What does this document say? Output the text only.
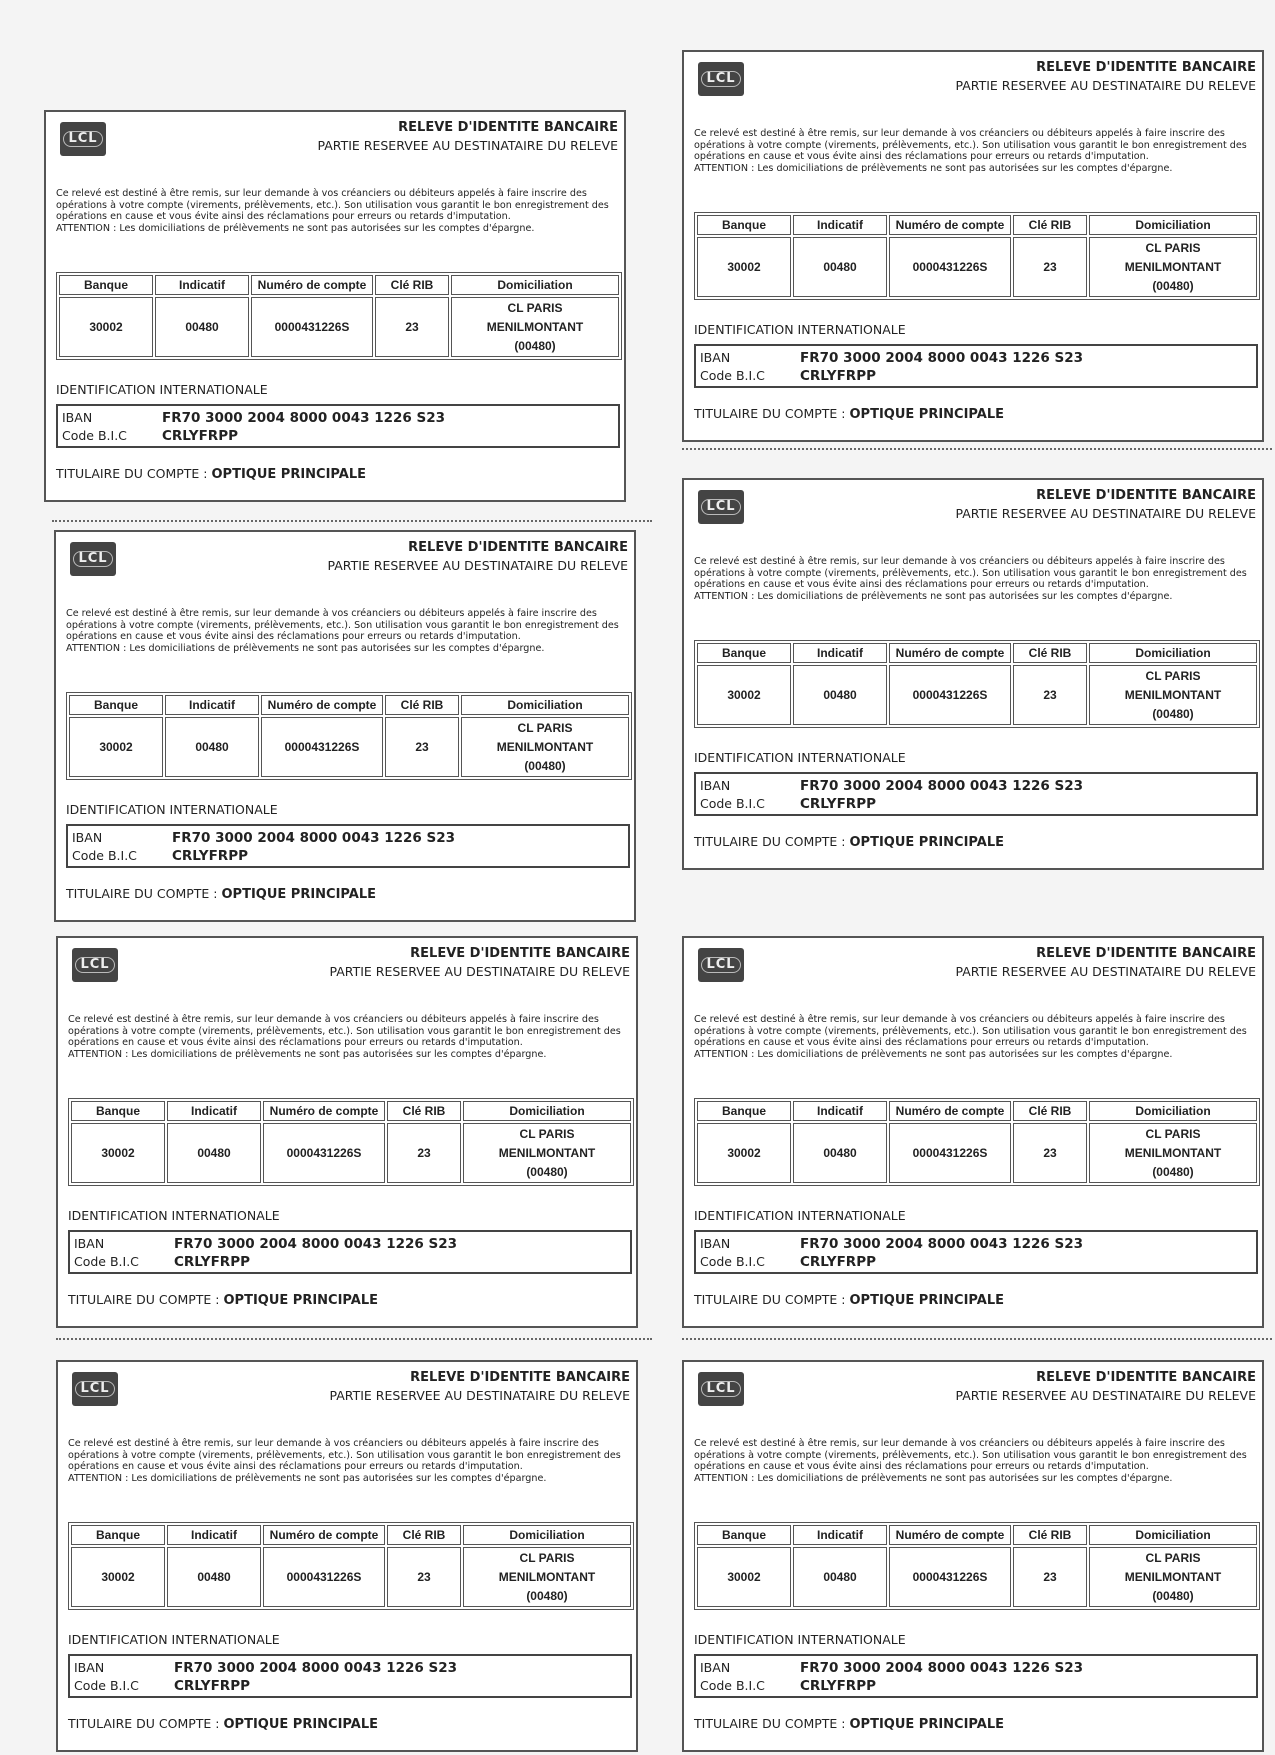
LCL
RELEVE D'IDENTITE BANCAIRE
PARTIE RESERVEE AU DESTINATAIRE DU RELEVE

Ce relevé est destiné à être remis, sur leur demande à vos créanciers ou débiteurs appelés à faire inscrire des opérations à votre compte (virements, prélèvements, etc.). Son utilisation vous garantit le bon enregistrement des opérations en cause et vous évite ainsi des réclamations pour erreurs ou retards d'imputation.

ATTENTION : Les domiciliations de prélèvements ne sont pas autorisées sur les comptes d'épargne.

Banque	Indicatif	Numéro de compte	Clé RIB	Domiciliation
30002	00480	0000431226S	23	CL PARIS
MENILMONTANT
(00480)
IDENTIFICATION INTERNATIONALE
IBAN	FR70 3000 2004 8000 0043 1226 S23
Code B.I.C	CRLYFRPP
TITULAIRE DU COMPTE : OPTIQUE PRINCIPALE
LCL
RELEVE D'IDENTITE BANCAIRE
PARTIE RESERVEE AU DESTINATAIRE DU RELEVE

Ce relevé est destiné à être remis, sur leur demande à vos créanciers ou débiteurs appelés à faire inscrire des opérations à votre compte (virements, prélèvements, etc.). Son utilisation vous garantit le bon enregistrement des opérations en cause et vous évite ainsi des réclamations pour erreurs ou retards d'imputation.

ATTENTION : Les domiciliations de prélèvements ne sont pas autorisées sur les comptes d'épargne.

Banque	Indicatif	Numéro de compte	Clé RIB	Domiciliation
30002	00480	0000431226S	23	CL PARIS
MENILMONTANT
(00480)
IDENTIFICATION INTERNATIONALE
IBAN	FR70 3000 2004 8000 0043 1226 S23
Code B.I.C	CRLYFRPP
TITULAIRE DU COMPTE : OPTIQUE PRINCIPALE
LCL
RELEVE D'IDENTITE BANCAIRE
PARTIE RESERVEE AU DESTINATAIRE DU RELEVE

Ce relevé est destiné à être remis, sur leur demande à vos créanciers ou débiteurs appelés à faire inscrire des opérations à votre compte (virements, prélèvements, etc.). Son utilisation vous garantit le bon enregistrement des opérations en cause et vous évite ainsi des réclamations pour erreurs ou retards d'imputation.

ATTENTION : Les domiciliations de prélèvements ne sont pas autorisées sur les comptes d'épargne.

Banque	Indicatif	Numéro de compte	Clé RIB	Domiciliation
30002	00480	0000431226S	23	CL PARIS
MENILMONTANT
(00480)
IDENTIFICATION INTERNATIONALE
IBAN	FR70 3000 2004 8000 0043 1226 S23
Code B.I.C	CRLYFRPP
TITULAIRE DU COMPTE : OPTIQUE PRINCIPALE
LCL
RELEVE D'IDENTITE BANCAIRE
PARTIE RESERVEE AU DESTINATAIRE DU RELEVE

Ce relevé est destiné à être remis, sur leur demande à vos créanciers ou débiteurs appelés à faire inscrire des opérations à votre compte (virements, prélèvements, etc.). Son utilisation vous garantit le bon enregistrement des opérations en cause et vous évite ainsi des réclamations pour erreurs ou retards d'imputation.

ATTENTION : Les domiciliations de prélèvements ne sont pas autorisées sur les comptes d'épargne.

Banque	Indicatif	Numéro de compte	Clé RIB	Domiciliation
30002	00480	0000431226S	23	CL PARIS
MENILMONTANT
(00480)
IDENTIFICATION INTERNATIONALE
IBAN	FR70 3000 2004 8000 0043 1226 S23
Code B.I.C	CRLYFRPP
TITULAIRE DU COMPTE : OPTIQUE PRINCIPALE
LCL
RELEVE D'IDENTITE BANCAIRE
PARTIE RESERVEE AU DESTINATAIRE DU RELEVE

Ce relevé est destiné à être remis, sur leur demande à vos créanciers ou débiteurs appelés à faire inscrire des opérations à votre compte (virements, prélèvements, etc.). Son utilisation vous garantit le bon enregistrement des opérations en cause et vous évite ainsi des réclamations pour erreurs ou retards d'imputation.

ATTENTION : Les domiciliations de prélèvements ne sont pas autorisées sur les comptes d'épargne.

Banque	Indicatif	Numéro de compte	Clé RIB	Domiciliation
30002	00480	0000431226S	23	CL PARIS
MENILMONTANT
(00480)
IDENTIFICATION INTERNATIONALE
IBAN	FR70 3000 2004 8000 0043 1226 S23
Code B.I.C	CRLYFRPP
TITULAIRE DU COMPTE : OPTIQUE PRINCIPALE
LCL
RELEVE D'IDENTITE BANCAIRE
PARTIE RESERVEE AU DESTINATAIRE DU RELEVE

Ce relevé est destiné à être remis, sur leur demande à vos créanciers ou débiteurs appelés à faire inscrire des opérations à votre compte (virements, prélèvements, etc.). Son utilisation vous garantit le bon enregistrement des opérations en cause et vous évite ainsi des réclamations pour erreurs ou retards d'imputation.

ATTENTION : Les domiciliations de prélèvements ne sont pas autorisées sur les comptes d'épargne.

Banque	Indicatif	Numéro de compte	Clé RIB	Domiciliation
30002	00480	0000431226S	23	CL PARIS
MENILMONTANT
(00480)
IDENTIFICATION INTERNATIONALE
IBAN	FR70 3000 2004 8000 0043 1226 S23
Code B.I.C	CRLYFRPP
TITULAIRE DU COMPTE : OPTIQUE PRINCIPALE
LCL
RELEVE D'IDENTITE BANCAIRE
PARTIE RESERVEE AU DESTINATAIRE DU RELEVE

Ce relevé est destiné à être remis, sur leur demande à vos créanciers ou débiteurs appelés à faire inscrire des opérations à votre compte (virements, prélèvements, etc.). Son utilisation vous garantit le bon enregistrement des opérations en cause et vous évite ainsi des réclamations pour erreurs ou retards d'imputation.

ATTENTION : Les domiciliations de prélèvements ne sont pas autorisées sur les comptes d'épargne.

Banque	Indicatif	Numéro de compte	Clé RIB	Domiciliation
30002	00480	0000431226S	23	CL PARIS
MENILMONTANT
(00480)
IDENTIFICATION INTERNATIONALE
IBAN	FR70 3000 2004 8000 0043 1226 S23
Code B.I.C	CRLYFRPP
TITULAIRE DU COMPTE : OPTIQUE PRINCIPALE
LCL
RELEVE D'IDENTITE BANCAIRE
PARTIE RESERVEE AU DESTINATAIRE DU RELEVE

Ce relevé est destiné à être remis, sur leur demande à vos créanciers ou débiteurs appelés à faire inscrire des opérations à votre compte (virements, prélèvements, etc.). Son utilisation vous garantit le bon enregistrement des opérations en cause et vous évite ainsi des réclamations pour erreurs ou retards d'imputation.

ATTENTION : Les domiciliations de prélèvements ne sont pas autorisées sur les comptes d'épargne.

Banque	Indicatif	Numéro de compte	Clé RIB	Domiciliation
30002	00480	0000431226S	23	CL PARIS
MENILMONTANT
(00480)
IDENTIFICATION INTERNATIONALE
IBAN	FR70 3000 2004 8000 0043 1226 S23
Code B.I.C	CRLYFRPP
TITULAIRE DU COMPTE : OPTIQUE PRINCIPALE
